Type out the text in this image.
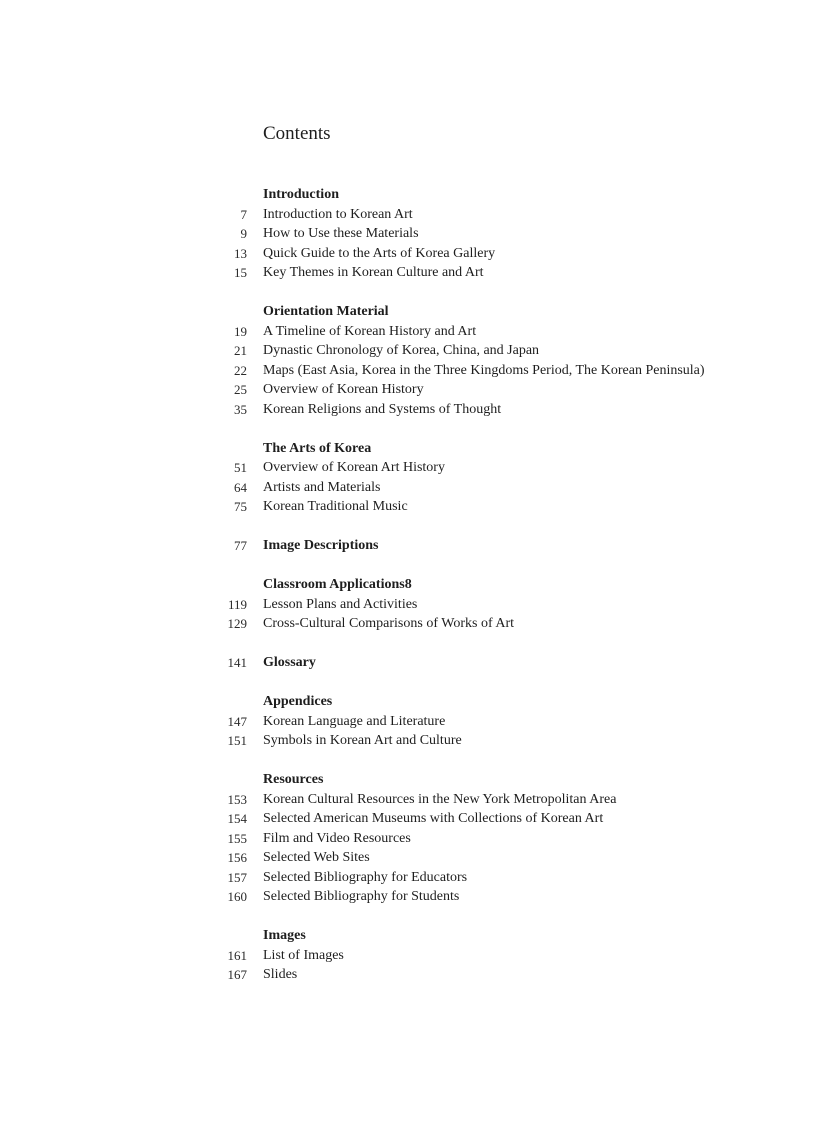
Contents
Introduction
7 Introduction to Korean Art
9 How to Use these Materials
13 Quick Guide to the Arts of Korea Gallery
15 Key Themes in Korean Culture and Art
Orientation Material
19 A Timeline of Korean History and Art
21 Dynastic Chronology of Korea, China, and Japan
22 Maps (East Asia, Korea in the Three Kingdoms Period, The Korean Peninsula)
25 Overview of Korean History
35 Korean Religions and Systems of Thought
The Arts of Korea
51 Overview of Korean Art History
64 Artists and Materials
75 Korean Traditional Music
77 Image Descriptions
Classroom Applications8
119 Lesson Plans and Activities
129 Cross-Cultural Comparisons of Works of Art
141 Glossary
Appendices
147 Korean Language and Literature
151 Symbols in Korean Art and Culture
Resources
153 Korean Cultural Resources in the New York Metropolitan Area
154 Selected American Museums with Collections of Korean Art
155 Film and Video Resources
156 Selected Web Sites
157 Selected Bibliography for Educators
160 Selected Bibliography for Students
Images
161 List of Images
167 Slides
